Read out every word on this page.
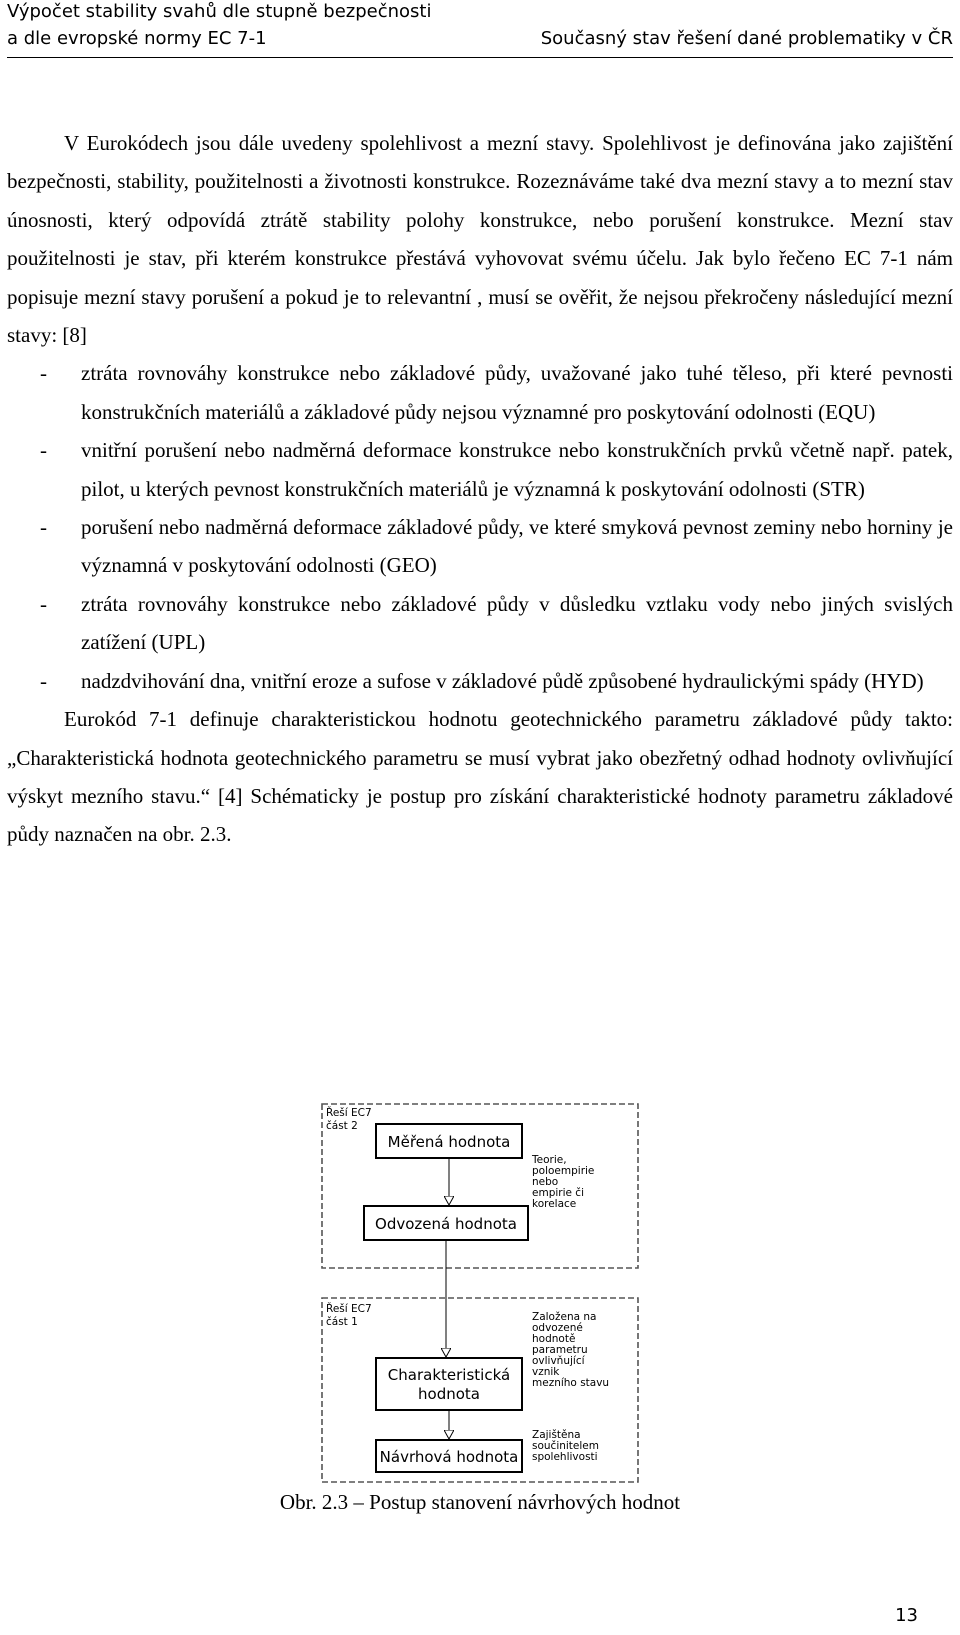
Výpočet stability svahů dle stupně bezpečnosti
a dle evropské normy EC 7-1	Současný stav řešení dané problematiky v ČR

V Eurokódech jsou dále uvedeny spolehlivost a mezní stavy. Spolehlivost je definována jako zajištění bezpečnosti, stability, použitelnosti a životnosti konstrukce. Rozeznáváme také dva mezní stavy a to mezní stav únosnosti, který odpovídá ztrátě stability polohy konstrukce, nebo porušení konstrukce. Mezní stav použitelnosti je stav, při kterém konstrukce přestává vyhovovat svému účelu. Jak bylo řečeno EC 7-1 nám popisuje mezní stavy porušení a pokud je to relevantní , musí se ověřit, že nejsou překročeny následující mezní stavy: [8]

- ztráta rovnováhy konstrukce nebo základové půdy, uvažované jako tuhé těleso, při které pevnosti konstrukčních materiálů a základové půdy nejsou významné pro poskytování odolnosti (EQU)
- vnitřní porušení nebo nadměrná deformace konstrukce nebo konstrukčních prvků včetně např. patek, pilot, u kterých pevnost konstrukčních materiálů je významná k poskytování odolnosti (STR)
- porušení nebo nadměrná deformace základové půdy, ve které smyková pevnost zeminy nebo horniny je významná v poskytování odolnosti (GEO)
- ztráta rovnováhy konstrukce nebo základové půdy v důsledku vztlaku vody nebo jiných svislých zatížení (UPL)
- nadzdvihování dna, vnitřní eroze a sufose v základové půdě způsobené hydraulickými spády (HYD)

Eurokód 7-1 definuje charakteristickou hodnotu geotechnického parametru základové půdy takto: „Charakteristická hodnota geotechnického parametru se musí vybrat jako obezřetný odhad hodnoty ovlivňující výskyt mezního stavu.“ [4] Schématicky je postup pro získání charakteristické hodnoty parametru základové půdy naznačen na obr. 2.3.

Řeší EC7
část 2
Řeší EC7
část 1
Měřená hodnota
Odvozená hodnota
Teorie,
poloempirie
nebo
empirie či
korelace
Charakteristická
hodnota
Založena na
odvozené
hodnotě
parametru
ovlivňující
vznik
mezního stavu
Návrhová hodnota
Zajištěna
součinitelem
spolehlivosti
Obr. 2.3 – Postup stanovení návrhových hodnot
13
